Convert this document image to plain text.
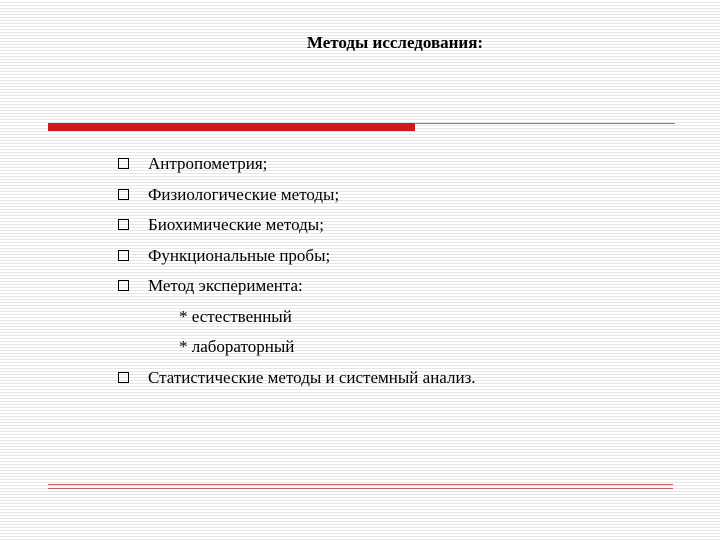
Методы исследования:
Антропометрия;
Физиологические методы;
Биохимические методы;
Функциональные пробы;
Метод эксперимента:
* естественный
* лабораторный
Статистические методы и системный анализ.
